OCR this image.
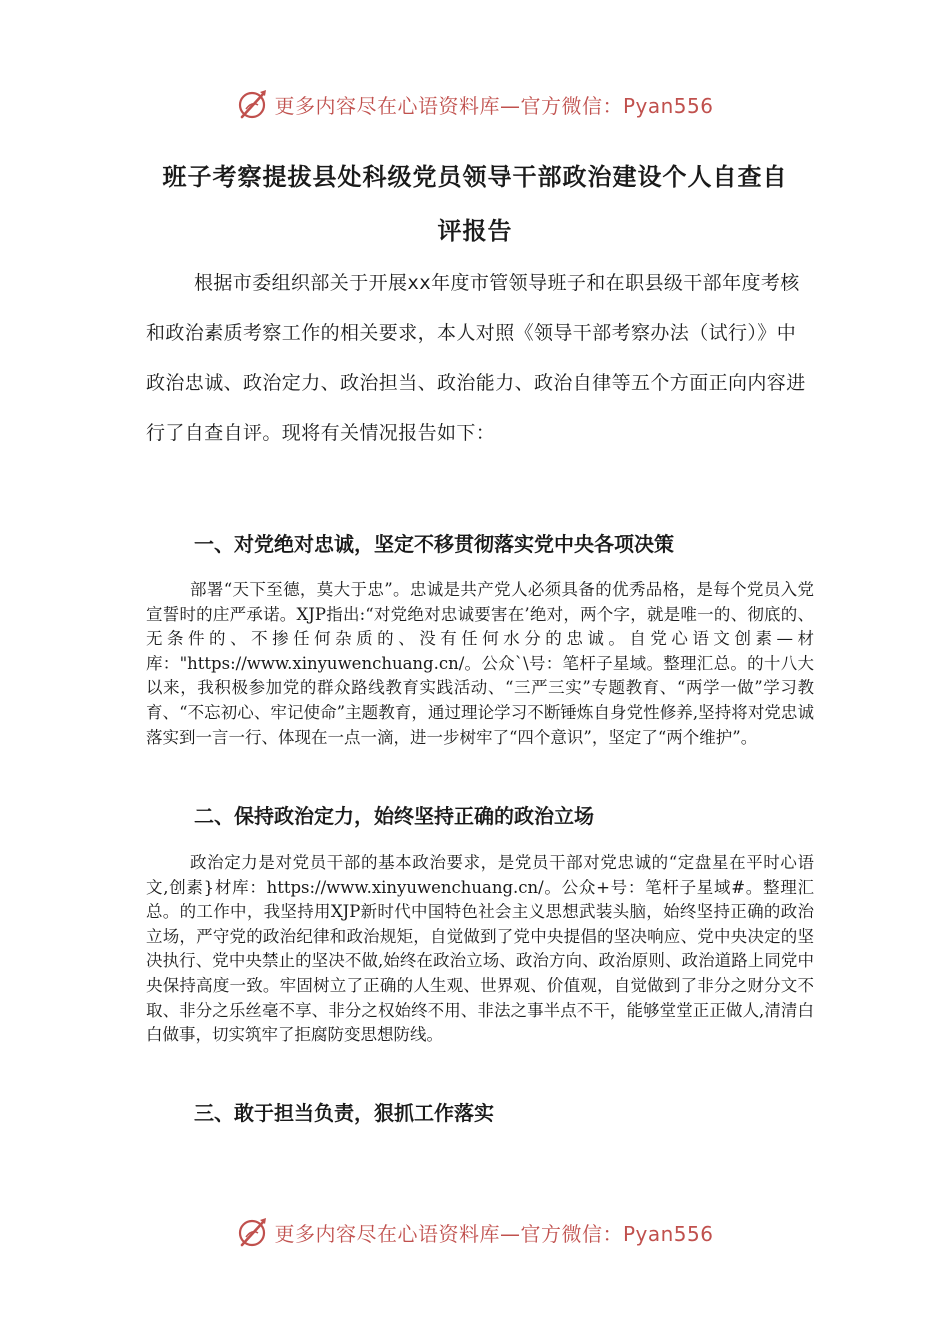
更多内容尽在心语资料库—官方微信：Pyan556
班子考察提拔县处科级党员领导干部政治建设个人自查自
评报告

根据市委组织部关于开展xx年度市管领导班子和在职县级干部年度考核和政治素质考察工作的相关要求，本人对照《领导干部考察办法（试行）》中政治忠诚、政治定力、政治担当、政治能力、政治自律等五个方面正向内容进行了自查自评。现将有关情况报告如下：

一、对党绝对忠诚，坚定不移贯彻落实党中央各项决策

部署“天下至德，莫大于忠”。忠诚是共产党人必须具备的优秀品格，是每个党员入党宣誓时的庄严承诺。XJP指出:“对党绝对忠诚要害在’绝对，两个字，就是唯一的、彻底的、无条件的、不掺任何杂质的、没有任何水分的忠诚。自党心语文创素—材库："https://www.xinyuwenchuang.cn/。公众`\号：笔杆子星域。整理汇总。的十八大以来，我积极参加党的群众路线教育实践活动、“三严三实”专题教育、“两学一做”学习教育、“不忘初心、牢记使命”主题教育，通过理论学习不断锤炼自身党性修养,坚持将对党忠诚落实到一言一行、体现在一点一滴，进一步树牢了“四个意识”，坚定了“两个维护”。

二、保持政治定力，始终坚持正确的政治立场

政治定力是对党员干部的基本政治要求，是党员干部对党忠诚的“定盘星在平时心语文,创素}材库：https://www.xinyuwenchuang.cn/。公众+号：笔杆子星域#。整理汇总。的工作中，我坚持用XJP新时代中国特色社会主义思想武装头脑，始终坚持正确的政治立场，严守党的政治纪律和政治规矩，自觉做到了党中央提倡的坚决响应、党中央决定的坚决执行、党中央禁止的坚决不做,始终在政治立场、政治方向、政治原则、政治道路上同党中央保持高度一致。牢固树立了正确的人生观、世界观、价值观，自觉做到了非分之财分文不取、非分之乐丝毫不享、非分之权始终不用、非法之事半点不干，能够堂堂正正做人,清清白白做事，切实筑牢了拒腐防变思想防线。

三、敢于担当负责，狠抓工作落实
更多内容尽在心语资料库—官方微信：Pyan556
